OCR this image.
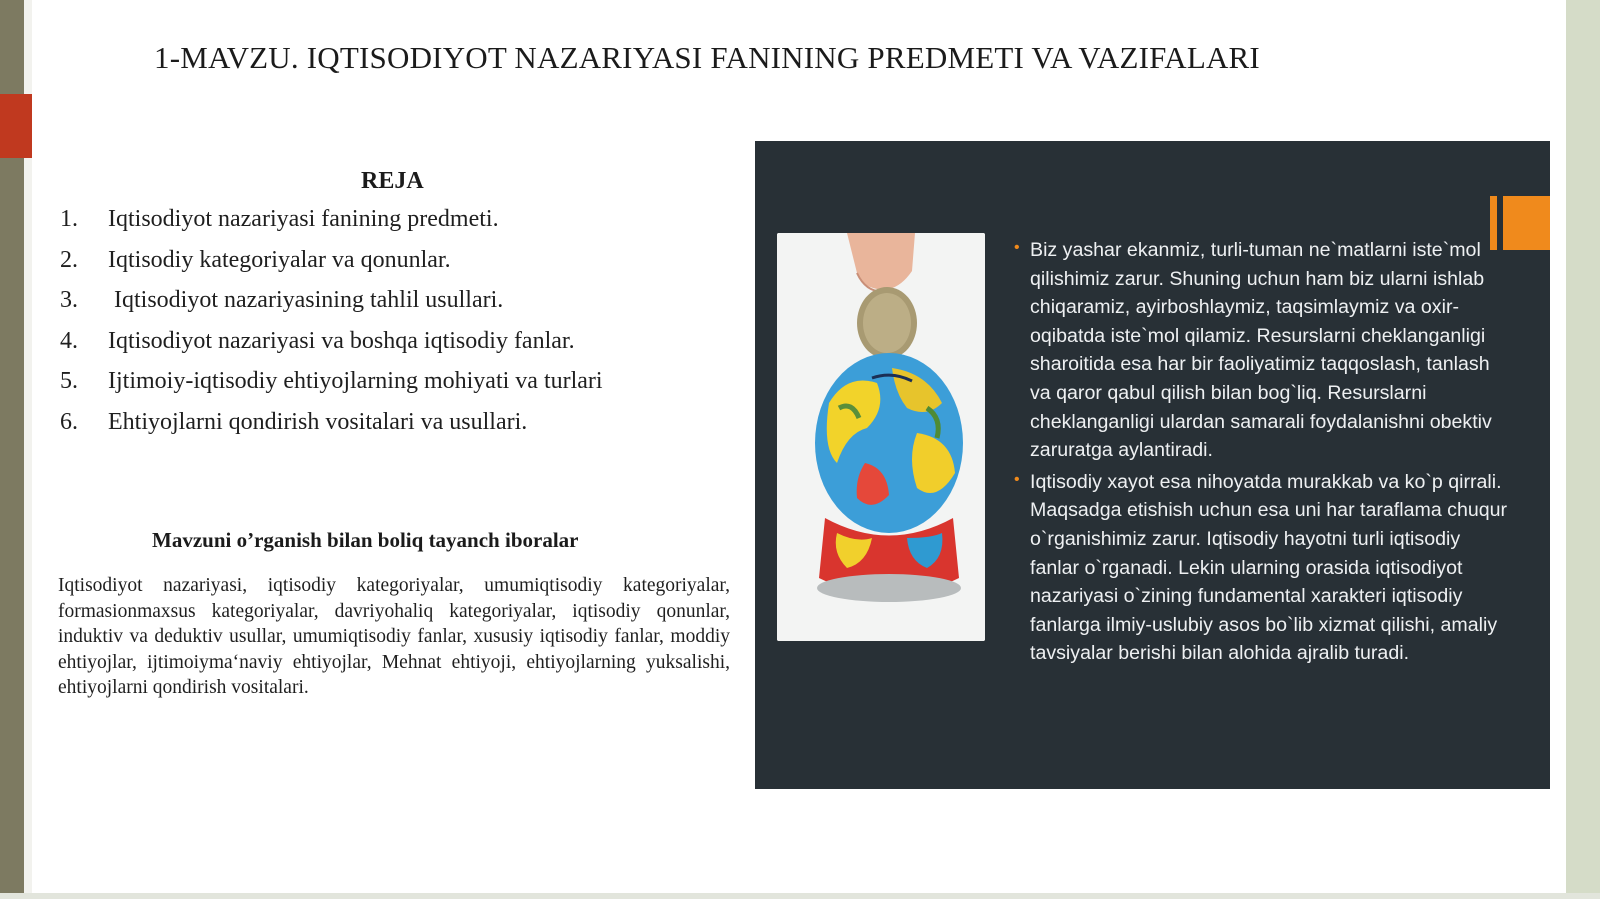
1-MAVZU. IQTISODIYOT NAZARIYASI FANINING PREDMETI VA VAZIFALARI
REJA
1. Iqtisodiyot nazariyasi fanining predmeti.
2. Iqtisodiy kategoriyalar va qonunlar.
3. Iqtisodiyot nazariyasining tahlil usullari.
4. Iqtisodiyot nazariyasi va boshqa iqtisodiy fanlar.
5. Ijtimoiy-iqtisodiy ehtiyojlarning mohiyati va turlari
6. Ehtiyojlarni qondirish vositalari va usullari.
Mavzuni o’rganish bilan boliq tayanch iboralar
Iqtisodiyot nazariyasi, iqtisodiy kategoriyalar, umumiqtisodiy kategoriyalar, formasionmaxsus kategoriyalar, davriyohaliq kategoriyalar, iqtisodiy qonunlar, induktiv va deduktiv usullar, umumiqtisodiy fanlar, xususiy iqtisodiy fanlar, moddiy ehtiyojlar, ijtimoiyma‘naviy ehtiyojlar, Mehnat ehtiyoji, ehtiyojlarning yuksalishi, ehtiyojlarni qondirish vositalari.
• Biz yashar ekanmiz, turli-tuman ne`matlarni iste`mol qilishimiz zarur. Shuning uchun ham biz ularni ishlab chiqaramiz, ayirboshlaymiz, taqsimlaymiz va oxir-oqibatda iste`mol qilamiz. Resurslarni cheklanganligi sharoitida esa har bir faoliyatimiz taqqoslash, tanlash va qaror qabul qilish bilan bog`liq. Resurslarni cheklanganligi ulardan samarali foydalanishni obektiv zaruratga aylantiradi.
• Iqtisodiy xayot esa nihoyatda murakkab va ko`p qirrali. Maqsadga etishish uchun esa uni har taraflama chuqur o`rganishimiz zarur. Iqtisodiy hayotni turli iqtisodiy fanlar o`rganadi. Lekin ularning orasida iqtisodiyot nazariyasi o`zining fundamental xarakteri iqtisodiy fanlarga ilmiy-uslubiy asos bo`lib xizmat qilishi, amaliy tavsiyalar berishi bilan alohida ajralib turadi.
